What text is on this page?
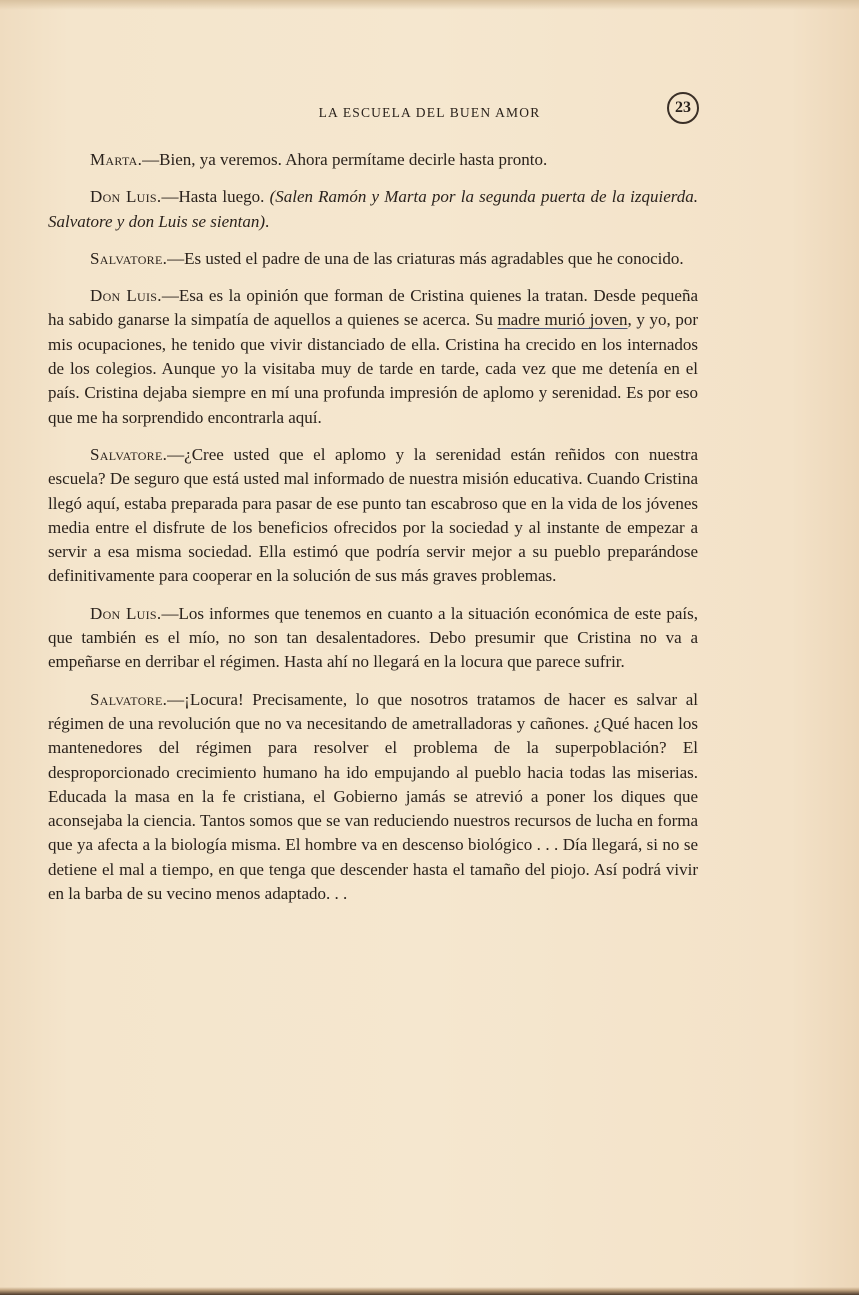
LA ESCUELA DEL BUEN AMOR	23

Marta.—Bien, ya veremos. Ahora permítame decirle hasta pronto.

Don Luis.—Hasta luego. (Salen Ramón y Marta por la segunda puerta de la izquierda. Salvatore y don Luis se sientan).

Salvatore.—Es usted el padre de una de las criaturas más agradables que he conocido.

Don Luis.—Esa es la opinión que forman de Cristina quienes la tratan. Desde pequeña ha sabido ganarse la simpatía de aquellos a quienes se acerca. Su madre murió joven, y yo, por mis ocupaciones, he tenido que vivir distanciado de ella. Cristina ha crecido en los internados de los colegios. Aunque yo la visitaba muy de tarde en tarde, cada vez que me detenía en el país. Cristina dejaba siempre en mí una profunda impresión de aplomo y serenidad. Es por eso que me ha sorprendido encontrarla aquí.

Salvatore.—¿Cree usted que el aplomo y la serenidad están reñidos con nuestra escuela? De seguro que está usted mal informado de nuestra misión educativa. Cuando Cristina llegó aquí, estaba preparada para pasar de ese punto tan escabroso que en la vida de los jóvenes media entre el disfrute de los beneficios ofrecidos por la sociedad y al instante de empezar a servir a esa misma sociedad. Ella estimó que podría servir mejor a su pueblo preparándose definitivamente para cooperar en la solución de sus más graves problemas.

Don Luis.—Los informes que tenemos en cuanto a la situación económica de este país, que también es el mío, no son tan desalentadores. Debo presumir que Cristina no va a empeñarse en derribar el régimen. Hasta ahí no llegará en la locura que parece sufrir.

Salvatore.—¡Locura! Precisamente, lo que nosotros tratamos de hacer es salvar al régimen de una revolución que no va necesitando de ametralladoras y cañones. ¿Qué hacen los mantenedores del régimen para resolver el problema de la superpoblación? El desproporcionado crecimiento humano ha ido empujando al pueblo hacia todas las miserias. Educada la masa en la fe cristiana, el Gobierno jamás se atrevió a poner los diques que aconsejaba la ciencia. Tantos somos que se van reduciendo nuestros recursos de lucha en forma que ya afecta a la biología misma. El hombre va en descenso biológico . . . Día llegará, si no se detiene el mal a tiempo, en que tenga que descender hasta el tamaño del piojo. Así podrá vivir en la barba de su vecino menos adaptado. . .
